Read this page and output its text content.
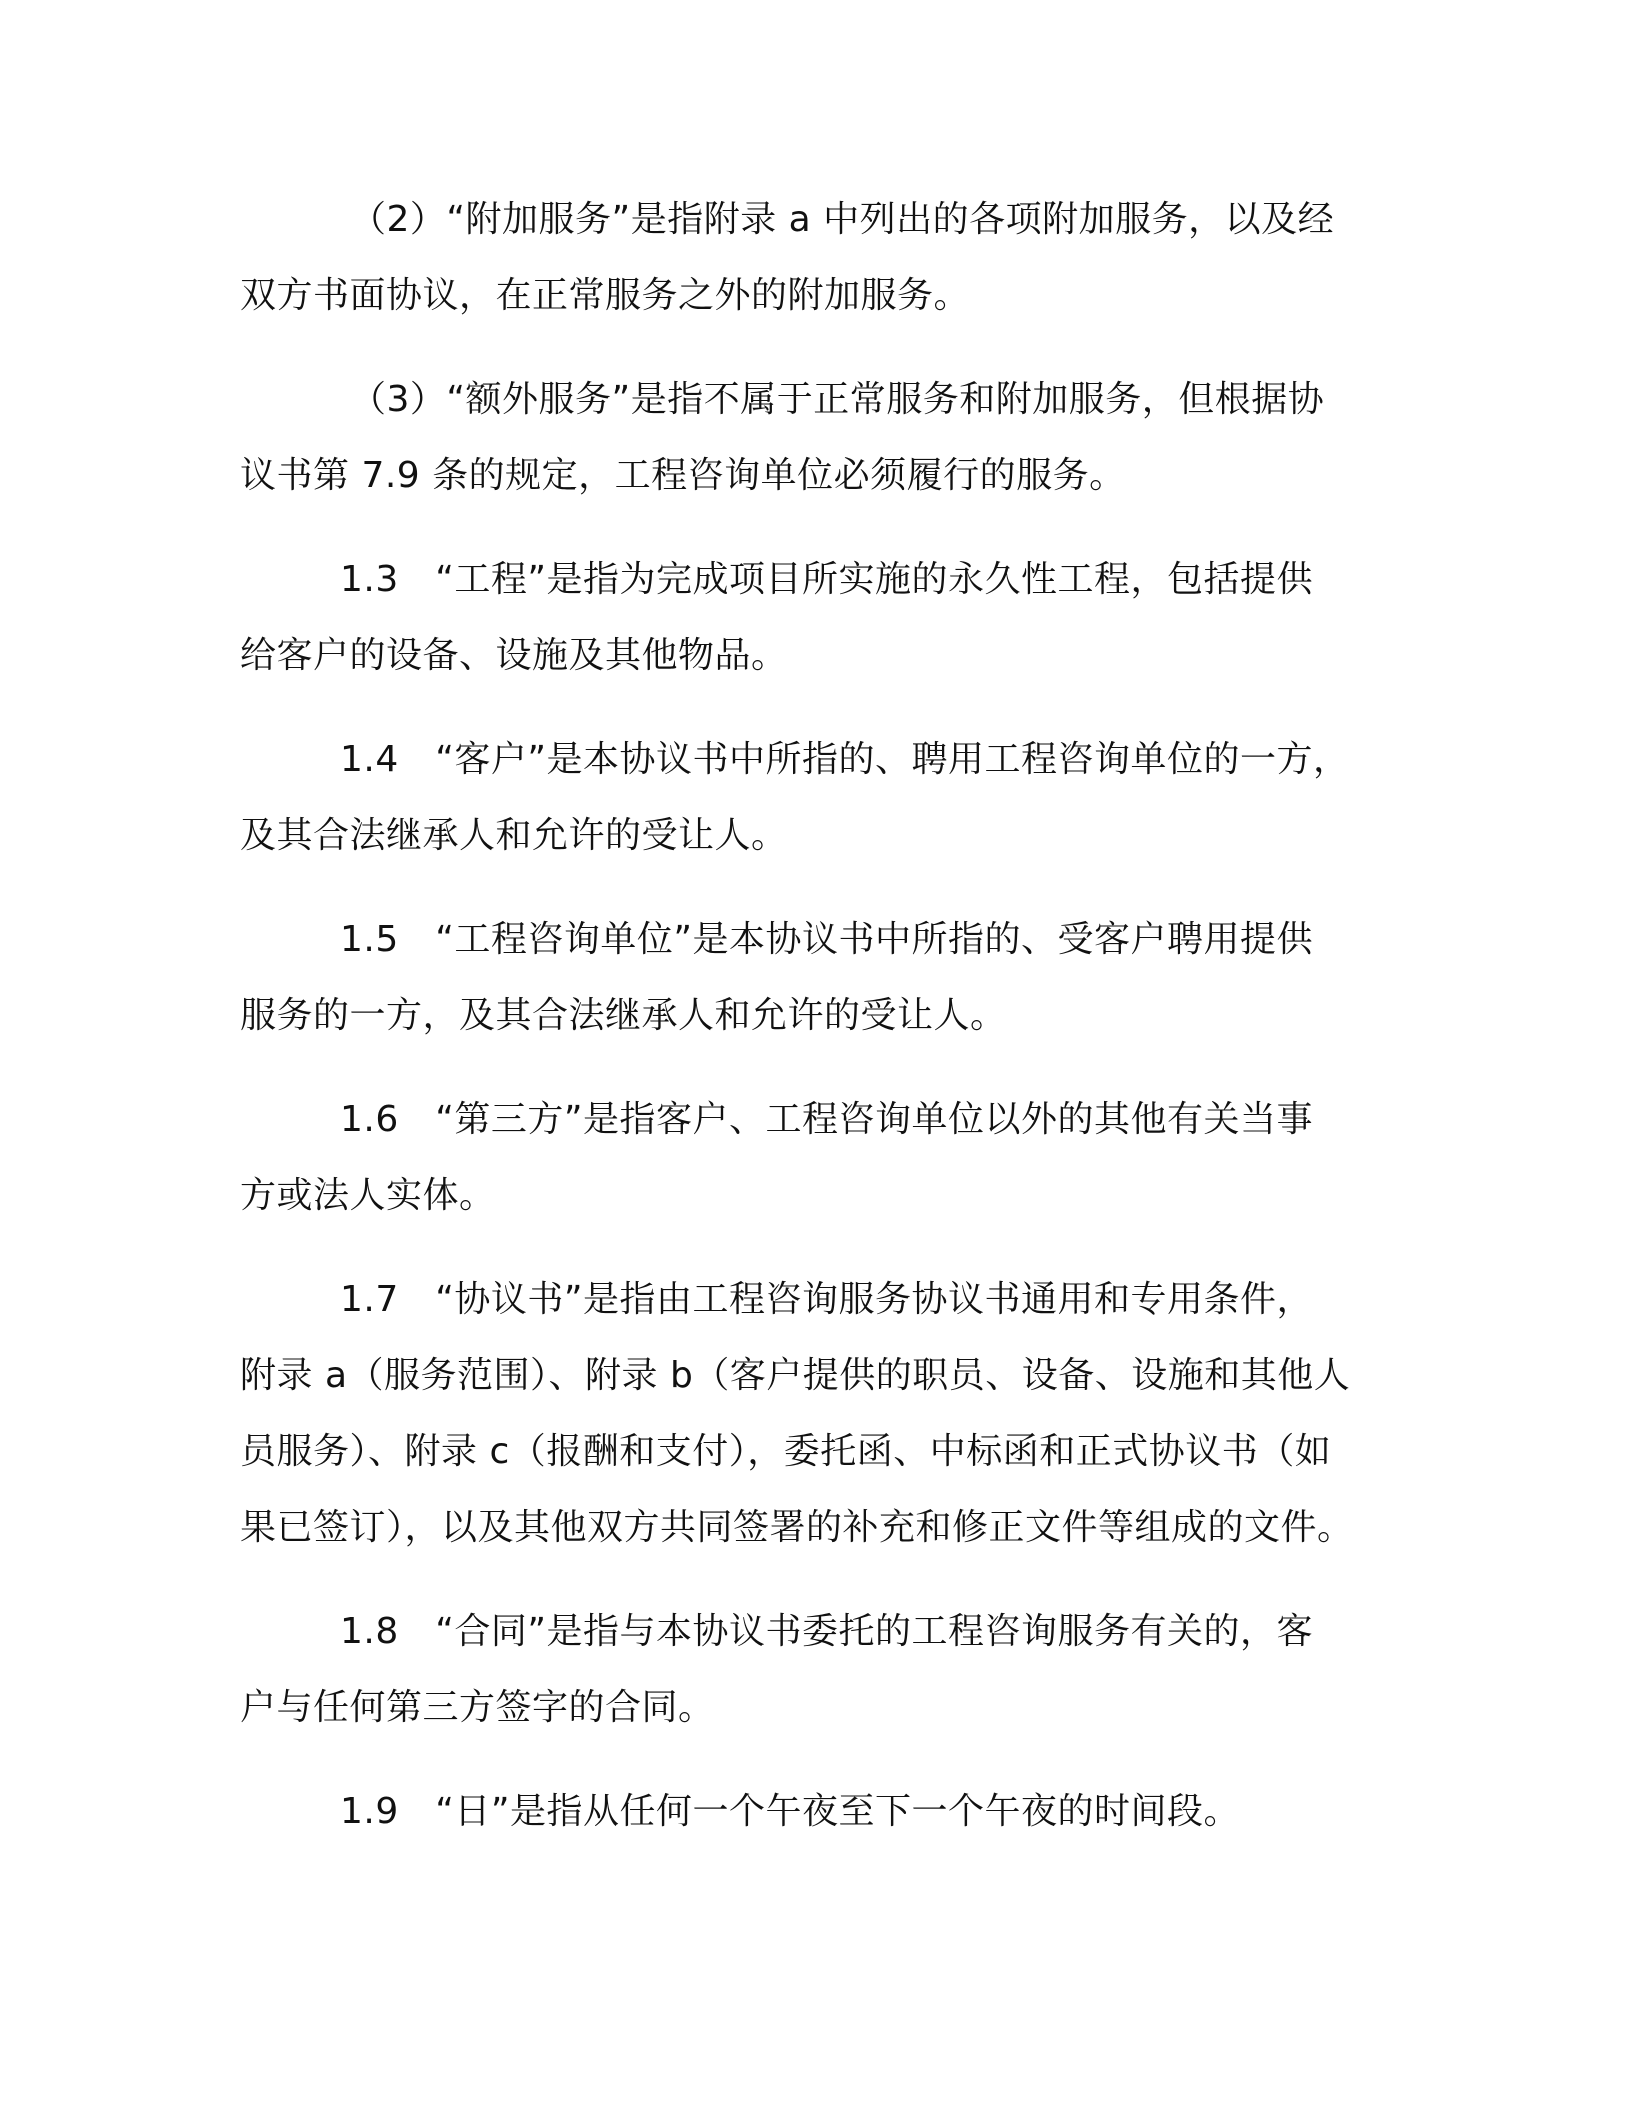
（2）“附加服务”是指附录 a 中列出的各项附加服务，以及经
双方书面协议，在正常服务之外的附加服务。
（3）“额外服务”是指不属于正常服务和附加服务，但根据协
议书第 7.9 条的规定，工程咨询单位必须履行的服务。
1.3　“工程”是指为完成项目所实施的永久性工程，包括提供
给客户的设备、设施及其他物品。
1.4　“客户”是本协议书中所指的、聘用工程咨询单位的一方，
及其合法继承人和允许的受让人。
1.5　“工程咨询单位”是本协议书中所指的、受客户聘用提供
服务的一方，及其合法继承人和允许的受让人。
1.6　“第三方”是指客户、工程咨询单位以外的其他有关当事
方或法人实体。
1.7　“协议书”是指由工程咨询服务协议书通用和专用条件，
附录 a（服务范围）、附录 b（客户提供的职员、设备、设施和其他人
员服务）、附录 c（报酬和支付），委托函、中标函和正式协议书（如
果已签订），以及其他双方共同签署的补充和修正文件等组成的文件。
1.8　“合同”是指与本协议书委托的工程咨询服务有关的，客
户与任何第三方签字的合同。
1.9　“日”是指从任何一个午夜至下一个午夜的时间段。
